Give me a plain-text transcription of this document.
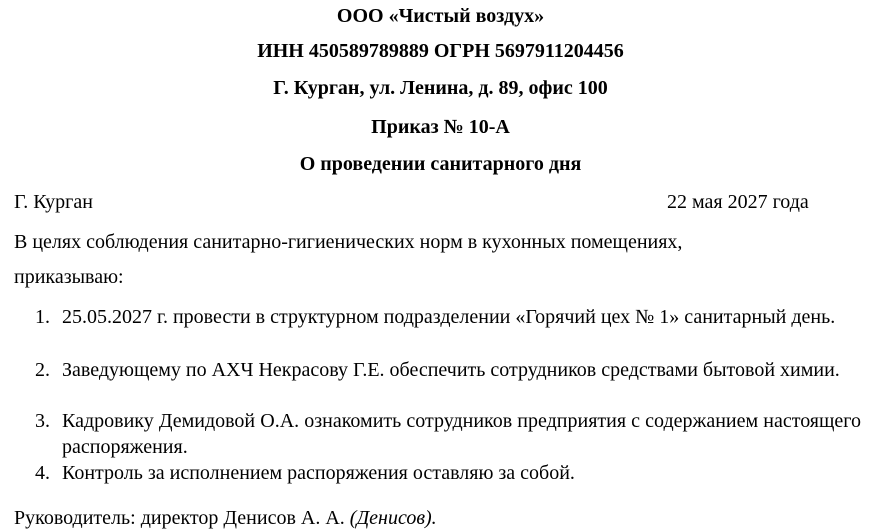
ООО «Чистый воздух»
ИНН 450589789889 ОГРН 5697911204456
Г. Курган, ул. Ленина, д. 89, офис 100
Приказ № 10-А
О проведении санитарного дня
Г. Курган	22 мая 2027 года
В целях соблюдения санитарно-гигиенических норм в кухонных помещениях,
приказываю:
1. 25.05.2027 г. провести в структурном подразделении «Горячий цех № 1» санитарный день.
2. Заведующему по АХЧ Некрасову Г.Е. обеспечить сотрудников средствами бытовой химии.
3. Кадровику Демидовой О.А. ознакомить сотрудников предприятия с содержанием настоящего распоряжения.
4. Контроль за исполнением распоряжения оставляю за собой.
Руководитель: директор Денисов А. А. (Денисов).
